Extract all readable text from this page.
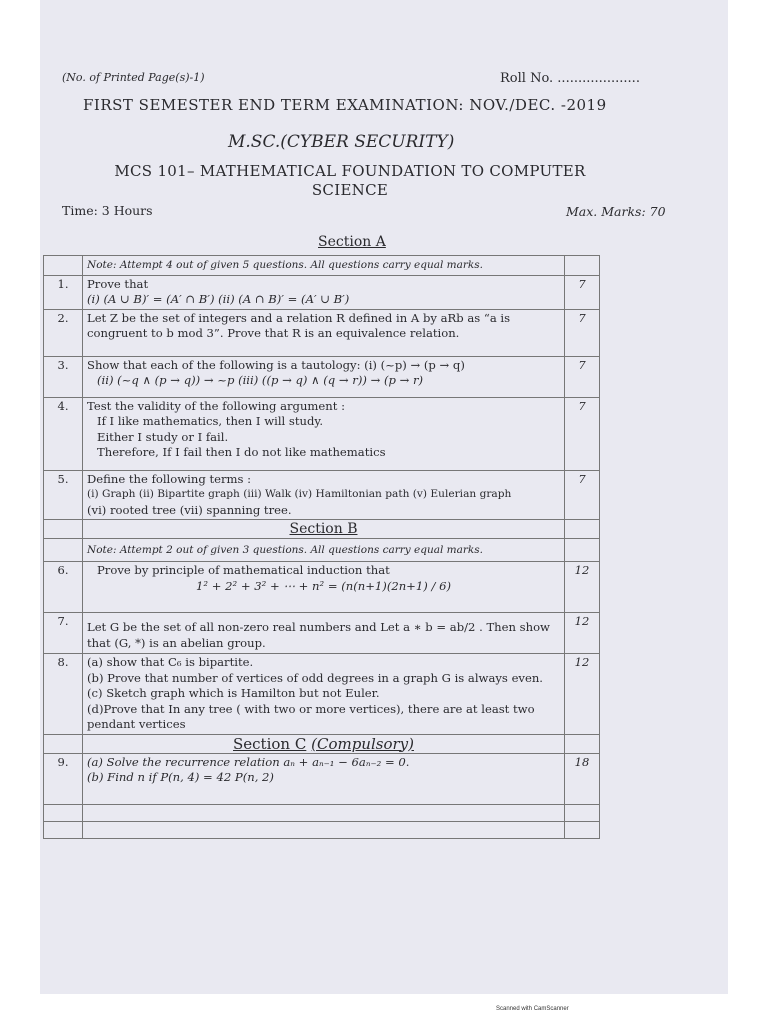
(No. of Printed Page(s)-1)	Roll No. ....................
FIRST SEMESTER END TERM EXAMINATION: NOV./DEC. -2019
M.SC.(CYBER SECURITY)
MCS 101– MATHEMATICAL FOUNDATION TO COMPUTER
SCIENCE
Time: 3 Hours	Max. Marks: 70
Section A
	Note: Attempt 4 out of given 5 questions. All questions carry equal marks.	
1.	Prove that
(i) (A ∪ B)′ = (A′ ∩ B′) (ii) (A ∩ B)′ = (A′ ∪ B′)	7
2.	Let Z be the set of integers and a relation R defined in A by aRb as “a is
congruent to b mod 3”. Prove that R is an equivalence relation.	7
3.	Show that each of the following is a tautology: (i) (~p) → (p → q)
(ii) (~q ∧ (p → q)) → ~p (iii) ((p → q) ∧ (q → r)) → (p → r)	7
4.	Test the validity of the following argument :
If I like mathematics, then I will study.
Either I study or I fail.
Therefore, If I fail then I do not like mathematics	7
5.	Define the following terms :
(i) Graph (ii) Bipartite graph (iii) Walk (iv) Hamiltonian path (v) Eulerian graph
(vi) rooted tree (vii) spanning tree.	7
	Section B	
	Note: Attempt 2 out of given 3 questions. All questions carry equal marks.	
6.	Prove by principle of mathematical induction that
1² + 2² + 3² + ⋯ + n² = (n(n+1)(2n+1) / 6)	12
7.	Let G be the set of all non-zero real numbers and Let a ∗ b = ab/2 . Then show
that (G, *) is an abelian group.	12
8.	(a) show that C₆ is bipartite.
(b) Prove that number of vertices of odd degrees in a graph G is always even.
(c) Sketch graph which is Hamilton but not Euler.
(d)Prove that In any tree ( with two or more vertices), there are at least two
pendant vertices	12
	Section C (Compulsory)	
9.	(a) Solve the recurrence relation aₙ + aₙ₋₁ − 6aₙ₋₂ = 0.
(b) Find n if P(n, 4) = 42 P(n, 2)	18

Scanned with CamScanner
